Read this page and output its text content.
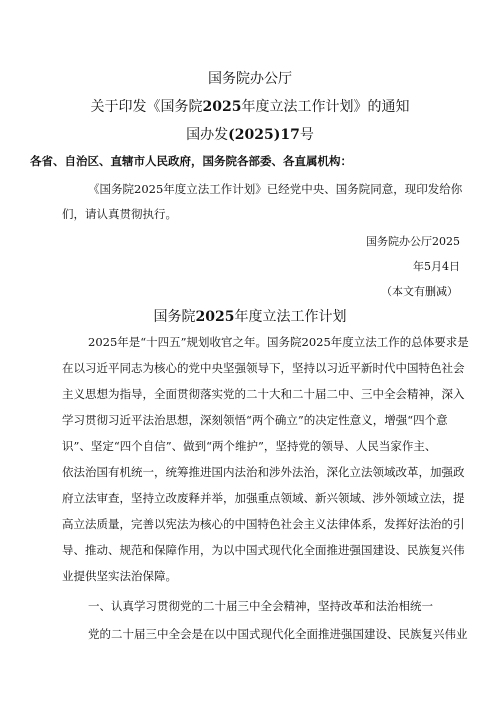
国务院办公厅
关于印发《国务院2025年度立法工作计划》的通知
国办发(2025)17号
各省、自治区、直辖市人民政府，国务院各部委、各直属机构：
《国务院2025年度立法工作计划》已经党中央、国务院同意，现印发给你
们，请认真贯彻执行。
国务院办公厅2025
年5月4日
（本文有删减）
国务院2025年度立法工作计划
2025年是“十四五”规划收官之年。国务院2025年度立法工作的总体要求是
在以习近平同志为核心的党中央坚强领导下，坚持以习近平新时代中国特色社会
主义思想为指导，全面贯彻落实党的二十大和二十届二中、三中全会精神，深入
学习贯彻习近平法治思想，深刻领悟“两个确立”的决定性意义，增强“四个意
识”、坚定“四个自信”、做到“两个维护”，坚持党的领导、人民当家作主、
依法治国有机统一，统筹推进国内法治和涉外法治，深化立法领域改革，加强政
府立法审查，坚持立改废释并举，加强重点领域、新兴领域、涉外领域立法，提
高立法质量，完善以宪法为核心的中国特色社会主义法律体系，发挥好法治的引
导、推动、规范和保障作用，为以中国式现代化全面推进强国建设、民族复兴伟
业提供坚实法治保障。
一、认真学习贯彻党的二十届三中全会精神，坚持改革和法治相统一
党的二十届三中全会是在以中国式现代化全面推进强国建设、民族复兴伟业
